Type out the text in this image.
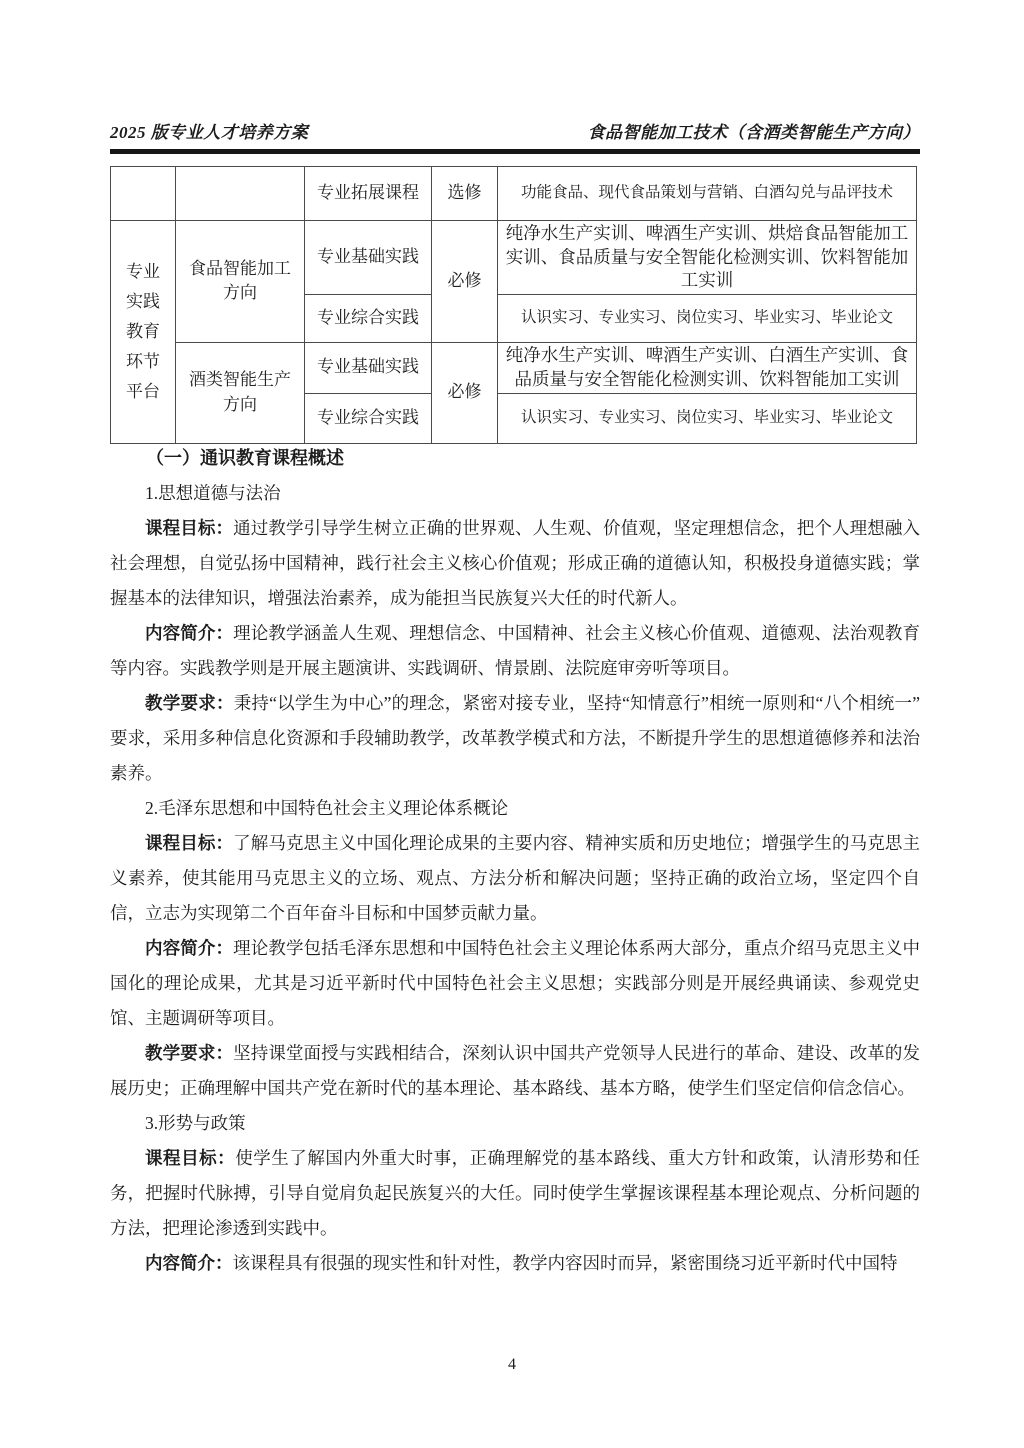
2025 版专业人才培养方案	食品智能加工技术（含酒类智能生产方向）
		专业拓展课程	选修	功能食品、现代食品策划与营销、白酒勾兑与品评技术

专业实践教育环节平台	食品智能加工方向	专业基础实践	必修	纯净水生产实训、啤酒生产实训、烘焙食品智能加工实训、食品质量与安全智能化检测实训、饮料智能加工实训
		专业综合实践		认识实习、专业实习、岗位实习、毕业实习、毕业论文

	酒类智能生产方向	专业基础实践	必修	纯净水生产实训、啤酒生产实训、白酒生产实训、食品质量与安全智能化检测实训、饮料智能加工实训
		专业综合实践		认识实习、专业实习、岗位实习、毕业实习、毕业论文

（一）通识教育课程概述

1.思想道德与法治

课程目标：通过教学引导学生树立正确的世界观、人生观、价值观，坚定理想信念，把个人理想融入社会理想，自觉弘扬中国精神，践行社会主义核心价值观；形成正确的道德认知，积极投身道德实践；掌握基本的法律知识，增强法治素养，成为能担当民族复兴大任的时代新人。

内容简介：理论教学涵盖人生观、理想信念、中国精神、社会主义核心价值观、道德观、法治观教育等内容。实践教学则是开展主题演讲、实践调研、情景剧、法院庭审旁听等项目。

教学要求：秉持“以学生为中心”的理念，紧密对接专业，坚持“知情意行”相统一原则和“八个相统一”要求，采用多种信息化资源和手段辅助教学，改革教学模式和方法，不断提升学生的思想道德修养和法治素养。

2.毛泽东思想和中国特色社会主义理论体系概论

课程目标：了解马克思主义中国化理论成果的主要内容、精神实质和历史地位；增强学生的马克思主义素养，使其能用马克思主义的立场、观点、方法分析和解决问题；坚持正确的政治立场，坚定四个自信，立志为实现第二个百年奋斗目标和中国梦贡献力量。

内容简介：理论教学包括毛泽东思想和中国特色社会主义理论体系两大部分，重点介绍马克思主义中国化的理论成果，尤其是习近平新时代中国特色社会主义思想；实践部分则是开展经典诵读、参观党史馆、主题调研等项目。

教学要求：坚持课堂面授与实践相结合，深刻认识中国共产党领导人民进行的革命、建设、改革的发展历史；正确理解中国共产党在新时代的基本理论、基本路线、基本方略，使学生们坚定信仰信念信心。

3.形势与政策

课程目标：使学生了解国内外重大时事，正确理解党的基本路线、重大方针和政策，认清形势和任务，把握时代脉搏，引导自觉肩负起民族复兴的大任。同时使学生掌握该课程基本理论观点、分析问题的方法，把理论渗透到实践中。

内容简介：该课程具有很强的现实性和针对性，教学内容因时而异，紧密围绕习近平新时代中国特

4
